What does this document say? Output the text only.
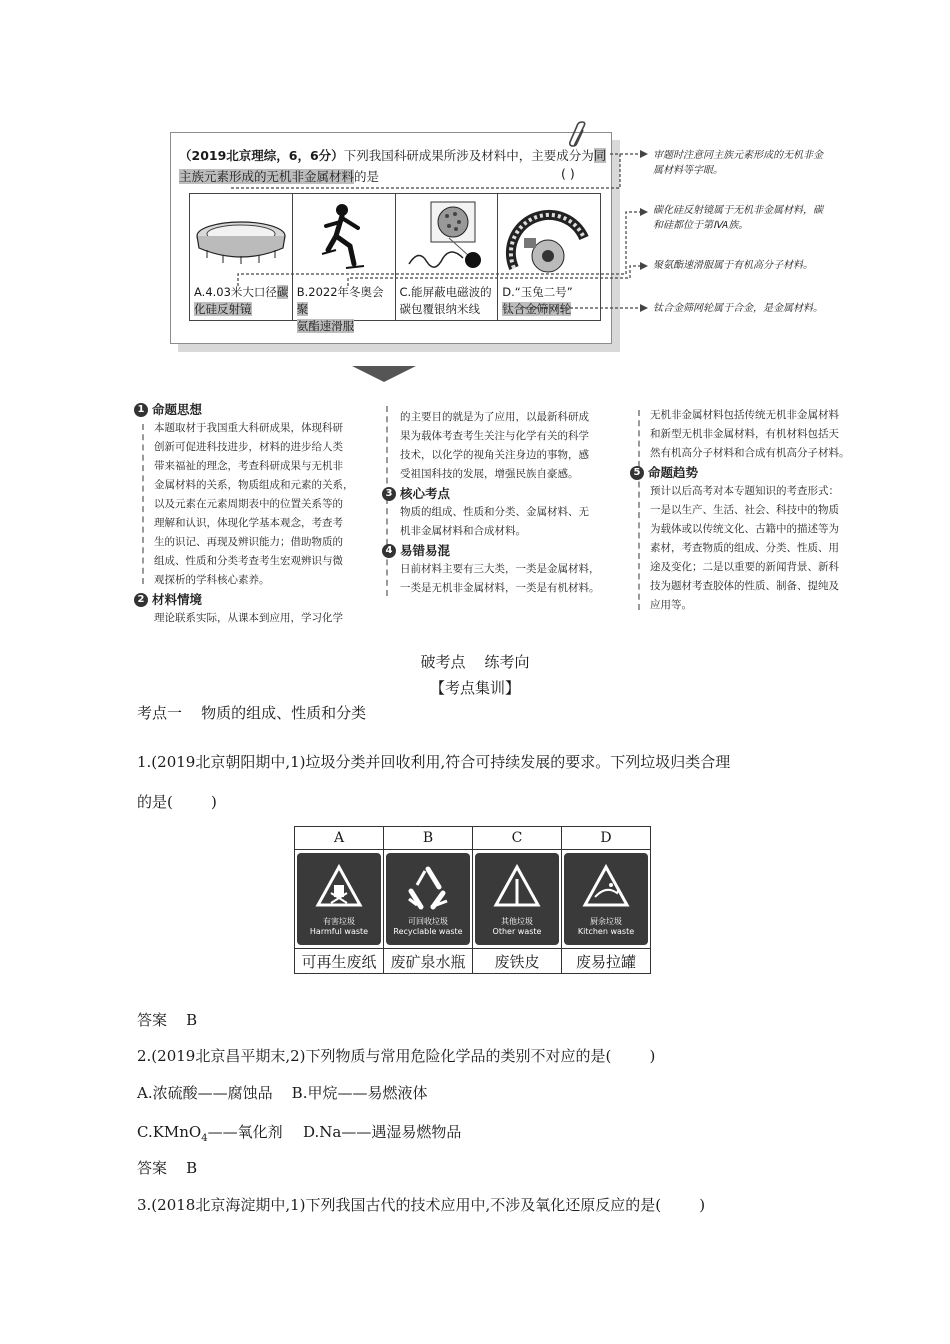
（2019北京理综，6，6分）下列我国科研成果所涉及材料中，主要成分为同
主族元素形成的无机非金属材料的是	( )
A.4.03米大口径碳
化硅反射镜
B.2022年冬奥会聚
氨酯速滑服
C.能屏蔽电磁波的
碳包覆银纳米线
D.“玉兔二号”
钛合金筛网轮
审题时注意同主族元素形成的无机非金
属材料等字眼。
碳化硅反射镜属于无机非金属材料，碳
和硅都位于第ⅣA族。
聚氨酯速滑服属于有机高分子材料。
钛合金筛网轮属于合金，是金属材料。
1 命题思想
本题取材于我国重大科研成果，体现科研
创新可促进科技进步，材料的进步给人类
带来福祉的理念，考查科研成果与无机非
金属材料的关系，物质组成和元素的关系，
以及元素在元素周期表中的位置关系等的
理解和认识，体现化学基本观念，考查考
生的识记、再现及辨识能力；借助物质的
组成、性质和分类考查考生宏观辨识与微
观探析的学科核心素养。
2 材料情境
理论联系实际，从课本到应用，学习化学
的主要目的就是为了应用，以最新科研成
果为载体考查考生关注与化学有关的科学
技术，以化学的视角关注身边的事物，感
受祖国科技的发展，增强民族自豪感。
3 核心考点
物质的组成、性质和分类、金属材料、无
机非金属材料和合成材料。
4 易错易混
日前材料主要有三大类，一类是金属材料，
一类是无机非金属材料，一类是有机材料。
无机非金属材料包括传统无机非金属材料
和新型无机非金属材料，有机材料包括天
然有机高分子材料和合成有机高分子材料。
5 命题趋势
预计以后高考对本专题知识的考查形式：
一是以生产、生活、社会、科技中的物质
为载体或以传统文化、古籍中的描述等为
素材，考查物质的组成、分类、性质、用
途及变化；二是以重要的新闻背景、新科
技为题材考查胶体的性质、制备、提纯及
应用等。
破考点    练考向
【考点集训】
考点一    物质的组成、性质和分类
1.(2019北京朝阳期中,1)垃圾分类并回收利用,符合可持续发展的要求。下列垃圾归类合理
的是(        )
A	B	C	D

有害垃圾
Harmful waste	可回收垃圾
Recyclable waste	其他垃圾
Other waste	厨余垃圾
Kitchen waste

可再生废纸	废矿泉水瓶	废铁皮	废易拉罐
答案    B
2.(2019北京昌平期末,2)下列物质与常用危险化学品的类别不对应的是(        )
A.浓硫酸——腐蚀品    B.甲烷——易燃液体
C.KMnO$_4$——氧化剂 D.Na——遇湿易燃物品
答案    B
3.(2018北京海淀期中,1)下列我国古代的技术应用中,不涉及氧化还原反应的是(        )
